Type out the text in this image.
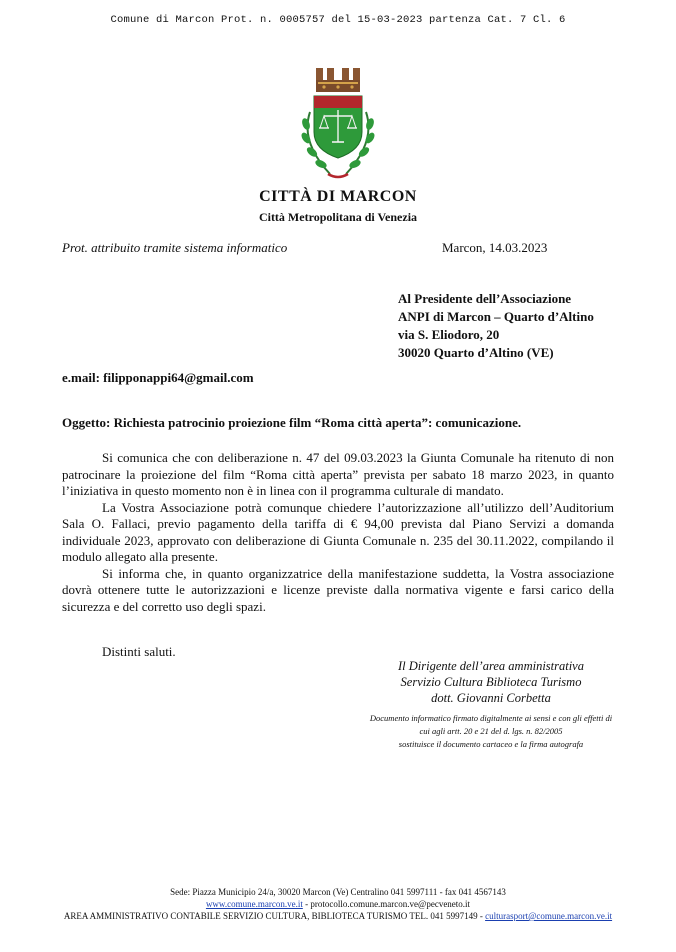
Comune di Marcon Prot. n. 0005757 del 15-03-2023 partenza Cat. 7 Cl. 6
CITTÀ DI MARCON
Città Metropolitana di Venezia
Prot. attribuito tramite sistema informatico	Marcon, 14.03.2023
Al Presidente dell’Associazione
ANPI di Marcon – Quarto d’Altino
via S. Eliodoro, 20
30020 Quarto d’Altino (VE)
e.mail: filipponappi64@gmail.com
Oggetto: Richiesta patrocinio proiezione film “Roma città aperta”: comunicazione.

Si comunica che con deliberazione n. 47 del 09.03.2023 la Giunta Comunale ha ritenuto di non patrocinare la proiezione del film “Roma città aperta” prevista per sabato 18 marzo 2023, in quanto l’iniziativa in questo momento non è in linea con il programma culturale di mandato.

La Vostra Associazione potrà comunque chiedere l’autorizzazione all’utilizzo dell’Auditorium Sala O. Fallaci, previo pagamento della tariffa di € 94,00 prevista dal Piano Servizi a domanda individuale 2023, approvato con deliberazione di Giunta Comunale n. 235 del 30.11.2022, compilando il modulo allegato alla presente.

Si informa che, in quanto organizzatrice della manifestazione suddetta, la Vostra associazione dovrà ottenere tutte le autorizzazioni e licenze previste dalla normativa vigente e farsi carico della sicurezza e del corretto uso degli spazi.

Distinti saluti.
Il Dirigente dell’area amministrativa
Servizio Cultura Biblioteca Turismo
dott. Giovanni Corbetta
Documento informatico firmato digitalmente ai sensi e con gli effetti di
cui agli artt. 20 e 21 del d. lgs. n. 82/2005
sostituisce il documento cartaceo e la firma autografa
Sede: Piazza Municipio 24/a, 30020 Marcon (Ve) Centralino 041 5997111 - fax 041 4567143
www.comune.marcon.ve.it - protocollo.comune.marcon.ve@pecveneto.it
AREA AMMINISTRATIVO CONTABILE SERVIZIO CULTURA, BIBLIOTECA TURISMO TEL. 041 5997149 - culturasport@comune.marcon.ve.it
